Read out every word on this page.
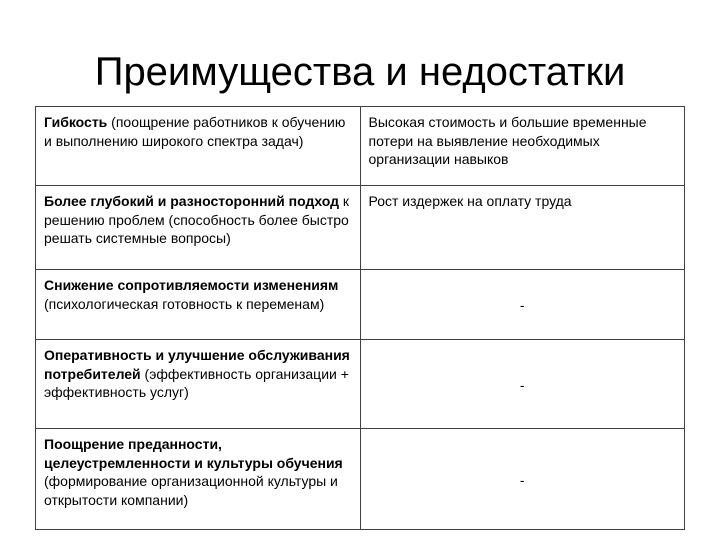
Преимущества и недостатки
Гибкость (поощрение работников к обучению и выполнению широкого спектра задач)	Высокая стоимость и большие временные потери на выявление необходимых организации навыков
Более глубокий и разносторонний подход к решению проблем (способность более быстро решать системные вопросы)	Рост издержек на оплату труда
Снижение сопротивляемости изменениям (психологическая готовность к переменам)	-
Оперативность и улучшение обслуживания потребителей (эффективность организации + эффективность услуг)	-
Поощрение преданности, целеустремленности и культуры обучения (формирование организационной культуры и открытости компании)	-
